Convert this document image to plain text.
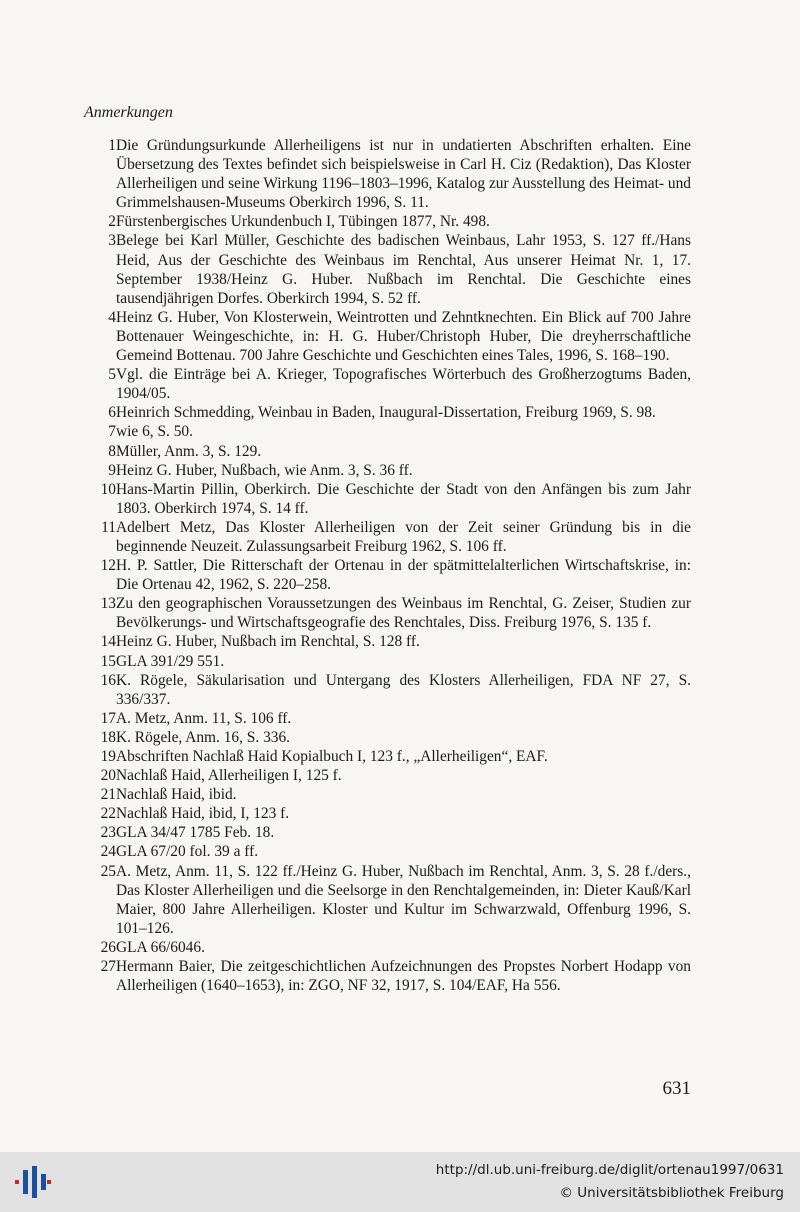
Anmerkungen
1 Die Gründungsurkunde Allerheiligens ist nur in undatierten Abschriften erhalten. Eine Übersetzung des Textes befindet sich beispielsweise in Carl H. Ciz (Redaktion), Das Kloster Allerheiligen und seine Wirkung 1196–1803–1996, Katalog zur Ausstellung des Heimat- und Grimmelshausen-Museums Oberkirch 1996, S. 11.
2 Fürstenbergisches Urkundenbuch I, Tübingen 1877, Nr. 498.
3 Belege bei Karl Müller, Geschichte des badischen Weinbaus, Lahr 1953, S. 127 ff./Hans Heid, Aus der Geschichte des Weinbaus im Renchtal, Aus unserer Heimat Nr. 1, 17. September 1938/Heinz G. Huber. Nußbach im Renchtal. Die Geschichte eines tausendjährigen Dorfes. Oberkirch 1994, S. 52 ff.
4 Heinz G. Huber, Von Klosterwein, Weintrotten und Zehntknechten. Ein Blick auf 700 Jahre Bottenauer Weingeschichte, in: H. G. Huber/Christoph Huber, Die dreyherrschaftliche Gemeind Bottenau. 700 Jahre Geschichte und Geschichten eines Tales, 1996, S. 168–190.
5 Vgl. die Einträge bei A. Krieger, Topografisches Wörterbuch des Großherzogtums Baden, 1904/05.
6 Heinrich Schmedding, Weinbau in Baden, Inaugural-Dissertation, Freiburg 1969, S. 98.
7 wie 6, S. 50.
8 Müller, Anm. 3, S. 129.
9 Heinz G. Huber, Nußbach, wie Anm. 3, S. 36 ff.
10 Hans-Martin Pillin, Oberkirch. Die Geschichte der Stadt von den Anfängen bis zum Jahr 1803. Oberkirch 1974, S. 14 ff.
11 Adelbert Metz, Das Kloster Allerheiligen von der Zeit seiner Gründung bis in die beginnende Neuzeit. Zulassungsarbeit Freiburg 1962, S. 106 ff.
12 H. P. Sattler, Die Ritterschaft der Ortenau in der spätmittelalterlichen Wirtschaftskrise, in: Die Ortenau 42, 1962, S. 220–258.
13 Zu den geographischen Voraussetzungen des Weinbaus im Renchtal, G. Zeiser, Studien zur Bevölkerungs- und Wirtschaftsgeografie des Renchtales, Diss. Freiburg 1976, S. 135 f.
14 Heinz G. Huber, Nußbach im Renchtal, S. 128 ff.
15 GLA 391/29 551.
16 K. Rögele, Säkularisation und Untergang des Klosters Allerheiligen, FDA NF 27, S. 336/337.
17 A. Metz, Anm. 11, S. 106 ff.
18 K. Rögele, Anm. 16, S. 336.
19 Abschriften Nachlaß Haid Kopialbuch I, 123 f., „Allerheiligen“, EAF.
20 Nachlaß Haid, Allerheiligen I, 125 f.
21 Nachlaß Haid, ibid.
22 Nachlaß Haid, ibid, I, 123 f.
23 GLA 34/47 1785 Feb. 18.
24 GLA 67/20 fol. 39 a ff.
25 A. Metz, Anm. 11, S. 122 ff./Heinz G. Huber, Nußbach im Renchtal, Anm. 3, S. 28 f./ders., Das Kloster Allerheiligen und die Seelsorge in den Renchtalgemeinden, in: Dieter Kauß/Karl Maier, 800 Jahre Allerheiligen. Kloster und Kultur im Schwarzwald, Offenburg 1996, S. 101–126.
26 GLA 66/6046.
27 Hermann Baier, Die zeitgeschichtlichen Aufzeichnungen des Propstes Norbert Hodapp von Allerheiligen (1640–1653), in: ZGO, NF 32, 1917, S. 104/EAF, Ha 556.
631
http://dl.ub.uni-freiburg.de/diglit/ortenau1997/0631
© Universitätsbibliothek Freiburg
